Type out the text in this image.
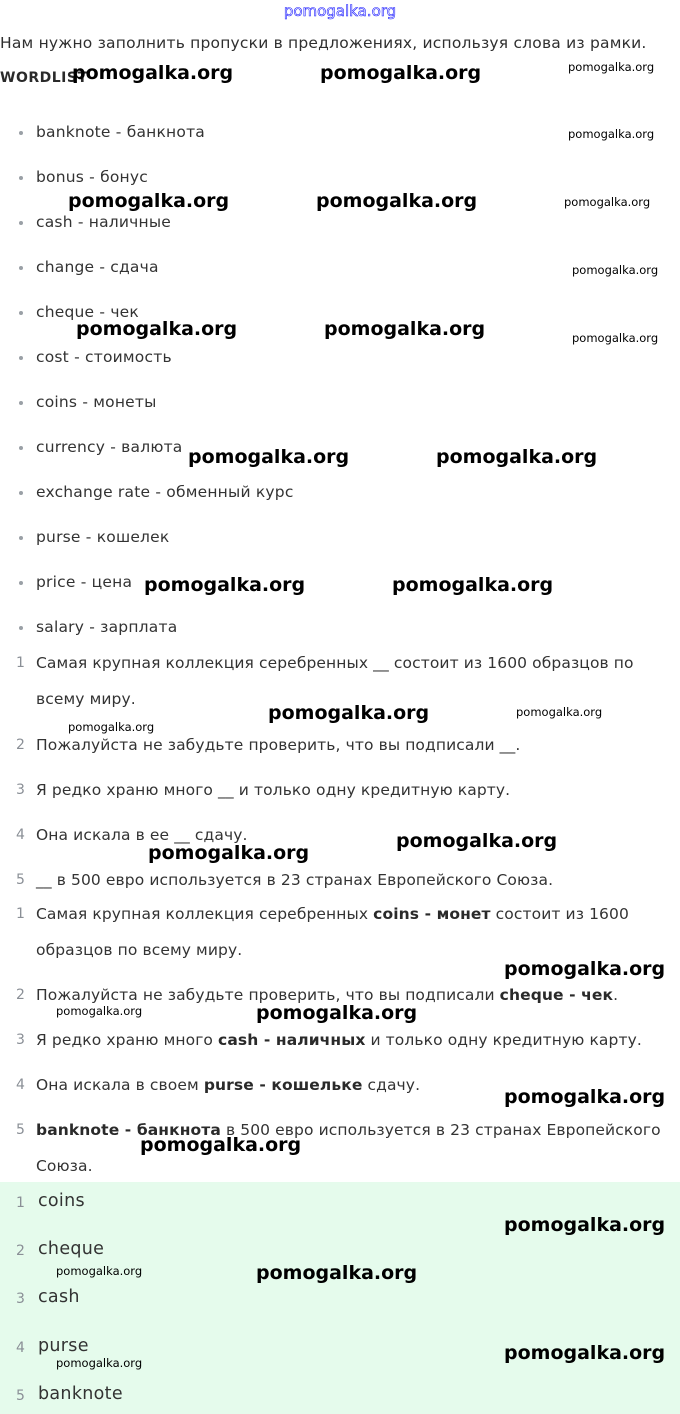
pomogalka.org
Нам нужно заполнить пропуски в предложениях, используя слова из рамки.
WORDLIST
banknote - банкнота
bonus - бонус
cash - наличные
change - сдача
cheque - чек
cost - стоимость
coins - монеты
currency - валюта
exchange rate - обменный курс
purse - кошелек
price - цена
salary - зарплата
1 Самая крупная коллекция серебренных __ состоит из 1600 образцов по
всему миру.
2 Пожалуйста не забудьте проверить, что вы подписали __.
3 Я редко храню много __ и только одну кредитную карту.
4 Она искала в ее __ сдачу.
5 __ в 500 евро используется в 23 странах Европейского Союза.
1 Самая крупная коллекция серебренных coins - монет состоит из 1600
образцов по всему миру.
2 Пожалуйста не забудьте проверить, что вы подписали cheque - чек.
3 Я редко храню много cash - наличных и только одну кредитную карту.
4 Она искала в своем purse - кошельке сдачу.
5 banknote - банкнота в 500 евро используется в 23 странах Европейского
Союза.
1 coins
2 cheque
3 cash
4 purse
5 banknote
pomogalka.org	pomogalka.org	pomogalka.org
pomogalka.org
pomogalka.org	pomogalka.org	pomogalka.org
pomogalka.org
pomogalka.org	pomogalka.org	pomogalka.org
pomogalka.org	pomogalka.org
pomogalka.org	pomogalka.org
pomogalka.org
pomogalka.org	pomogalka.org
pomogalka.org
pomogalka.org
pomogalka.org
pomogalka.org	pomogalka.org
pomogalka.org
pomogalka.org
pomogalka.org
pomogalka.org	pomogalka.org
pomogalka.org	pomogalka.org
